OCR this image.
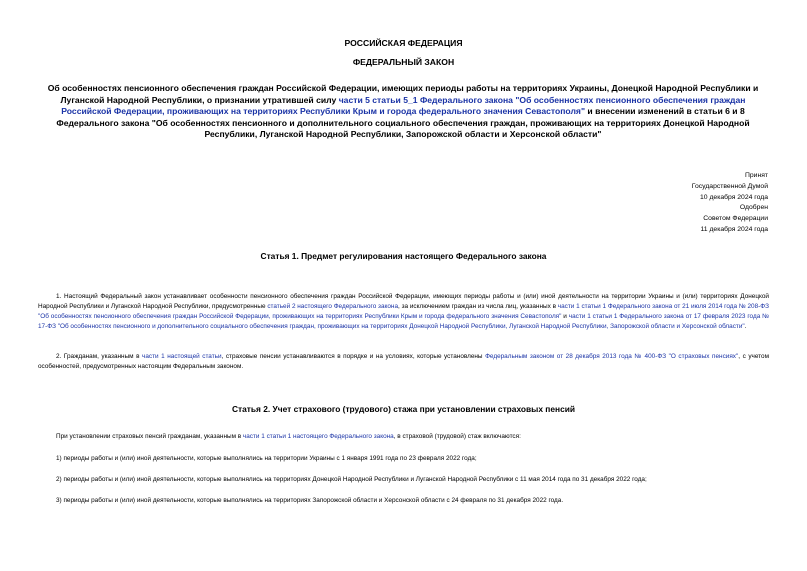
РОССИЙСКАЯ ФЕДЕРАЦИЯ
ФЕДЕРАЛЬНЫЙ ЗАКОН
Об особенностях пенсионного обеспечения граждан Российской Федерации, имеющих периоды работы на территориях Украины, Донецкой Народной Республики и Луганской Народной Республики, о признании утратившей силу части 5 статьи 5_1 Федерального закона "Об особенностях пенсионного обеспечения граждан Российской Федерации, проживающих на территориях Республики Крым и города федерального значения Севастополя" и внесении изменений в статьи 6 и 8 Федерального закона "Об особенностях пенсионного и дополнительного социального обеспечения граждан, проживающих на территориях Донецкой Народной Республики, Луганской Народной Республики, Запорожской области и Херсонской области"
Принят
Государственной Думой
10 декабря 2024 года
Одобрен
Советом Федерации
11 декабря 2024 года
Статья 1. Предмет регулирования настоящего Федерального закона
1. Настоящий Федеральный закон устанавливает особенности пенсионного обеспечения граждан Российской Федерации, имеющих периоды работы и (или) иной деятельности на территории Украины и (или) территориях Донецкой Народной Республики и Луганской Народной Республики, предусмотренные статьей 2 настоящего Федерального закона, за исключением граждан из числа лиц, указанных в части 1 статьи 1 Федерального закона от 21 июля 2014 года № 208-ФЗ "Об особенностях пенсионного обеспечения граждан Российской Федерации, проживающих на территориях Республики Крым и города федерального значения Севастополя" и части 1 статьи 1 Федерального закона от 17 февраля 2023 года № 17-ФЗ "Об особенностях пенсионного и дополнительного социального обеспечения граждан, проживающих на территориях Донецкой Народной Республики, Луганской Народной Республики, Запорожской области и Херсонской области".
2. Гражданам, указанным в части 1 настоящей статьи, страховые пенсии устанавливаются в порядке и на условиях, которые установлены Федеральным законом от 28 декабря 2013 года № 400-ФЗ "О страховых пенсиях", с учетом особенностей, предусмотренных настоящим Федеральным законом.
Статья 2. Учет страхового (трудового) стажа при установлении страховых пенсий
При установлении страховых пенсий гражданам, указанным в части 1 статьи 1 настоящего Федерального закона, в страховой (трудовой) стаж включаются:
1) периоды работы и (или) иной деятельности, которые выполнялись на территории Украины с 1 января 1991 года по 23 февраля 2022 года;
2) периоды работы и (или) иной деятельности, которые выполнялись на территориях Донецкой Народной Республики и Луганской Народной Республики с 11 мая 2014 года по 31 декабря 2022 года;
3) периоды работы и (или) иной деятельности, которые выполнялись на территориях Запорожской области и Херсонской области с 24 февраля по 31 декабря 2022 года.
